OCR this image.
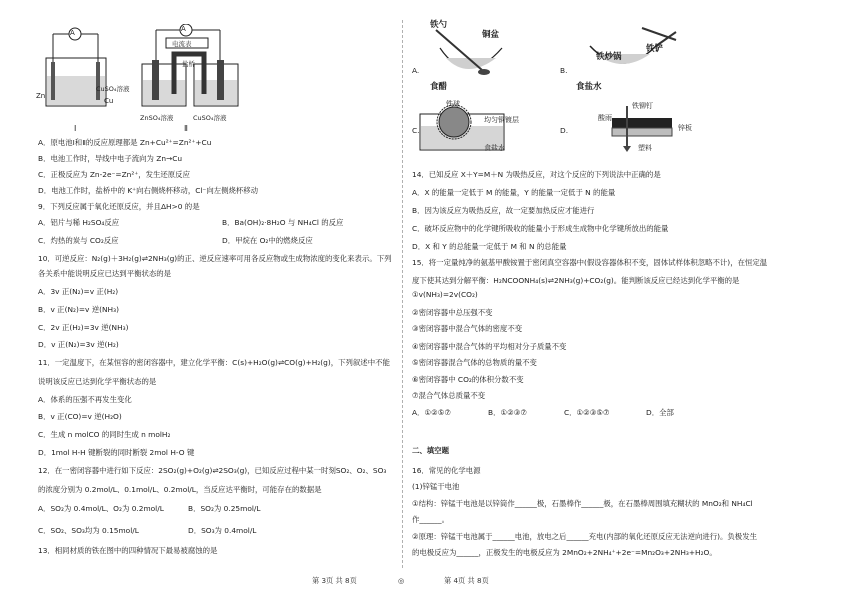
A	A
电流表
盐桥
Zn
CuSO₄溶液
Cu
ZnSO₄溶液	CuSO₄溶液
Ⅰ	Ⅱ
A．原电池Ⅰ和Ⅱ的反应原理都是 Zn+Cu²⁺=Zn²⁺+Cu
B．电池工作时，导线中电子流向为 Zn→Cu
C．正极反应为 Zn-2e⁻=Zn²⁺，发生还原反应
D．电池工作时，盐桥中的 K⁺向右侧烧杯移动，Cl⁻向左侧烧杯移动
9．下列反应属于氧化还原反应，并且ΔH>0 的是
A．铝片与稀 H₂SO₄反应	B．Ba(OH)₂·8H₂O 与 NH₄Cl 的反应
C．灼热的炭与 CO₂反应	D．甲烷在 O₂中的燃烧反应
10．可逆反应：N₂(g)＋3H₂(g)⇌2NH₃(g)的正、逆反应速率可用各反应物或生成物浓度的变化来表示。下列
各关系中能说明反应已达到平衡状态的是
A．3v 正(N₂)=v 正(H₂)
B．v 正(N₂)=v 逆(NH₃)
C．2v 正(H₂)=3v 逆(NH₃)
D．v 正(N₂)=3v 逆(H₂)
11．一定温度下，在某恒容的密闭容器中，建立化学平衡：C(s)+H₂O(g)⇌CO(g)+H₂(g)，下列叙述中不能
说明该反应已达到化学平衡状态的是
A．体系的压强不再发生变化
B．v 正(CO)=v 逆(H₂O)
C．生成 n molCO 的同时生成 n molH₂
D．1mol H-H 键断裂的同时断裂 2mol H-O 键
12．在一密闭容器中进行如下反应：2SO₂(g)+O₂(g)⇌2SO₃(g)，已知反应过程中某一时刻SO₂、O₂、SO₃
的浓度分别为 0.2mol/L、0.1mol/L、0.2mol/L，当反应达平衡时，可能存在的数据是
A．SO₂为 0.4mol/L、O₂为 0.2mol/L	B．SO₂为 0.25mol/L
C．SO₂、SO₃均为 0.15mol/L	D．SO₃为 0.4mol/L
13．相同材质的铁在图中的四种情况下最易被腐蚀的是
A.
铁勺
铜盆
食醋
B.
铁炒锅
铁铲
食盐水
C.
铁球
均匀铜镀层
食盐水
D.
酸雨
铁铆钉
锌板
塑料
14．已知反应 X＋Y=M＋N 为吸热反应，对这个反应的下列说法中正确的是
A．X 的能量一定低于 M 的能量，Y 的能量一定低于 N 的能量
B．因为该反应为吸热反应，故一定要加热反应才能进行
C．破坏反应物中的化学键所吸收的能量小于形成生成物中化学键所放出的能量
D．X 和 Y 的总能量一定低于 M 和 N 的总能量
15．将一定量纯净的氨基甲酸铵置于密闭真空容器中(假设容器体积不变，固体试样体积忽略不计)，在恒定温
度下使其达到分解平衡：H₂NCOONH₄(s)⇌2NH₃(g)+CO₂(g)。能判断该反应已经达到化学平衡的是
①v(NH₃)=2v(CO₂)
②密闭容器中总压强不变
③密闭容器中混合气体的密度不变
④密闭容器中混合气体的平均相对分子质量不变
⑤密闭容器混合气体的总物质的量不变
⑥密闭容器中 CO₂的体积分数不变
⑦混合气体总质量不变
A．①②⑤⑦	B．①②③⑦	C．①②③⑤⑦	D．全部
二、填空题
16．常见的化学电源
(1)锌锰干电池
①结构：锌锰干电池是以锌筒作______极，石墨棒作______极，在石墨棒周围填充糊状的 MnO₂和 NH₄Cl
作______。
②原理：锌锰干电池属于______电池，放电之后______充电(内部的氧化还原反应无法逆向进行)。负极发生
的电极反应为______，正极发生的电极反应为 2MnO₂+2NH₄⁺+2e⁻=Mn₂O₃+2NH₃+H₂O。
第 3页 共 8页	◎	第 4页 共 8页
